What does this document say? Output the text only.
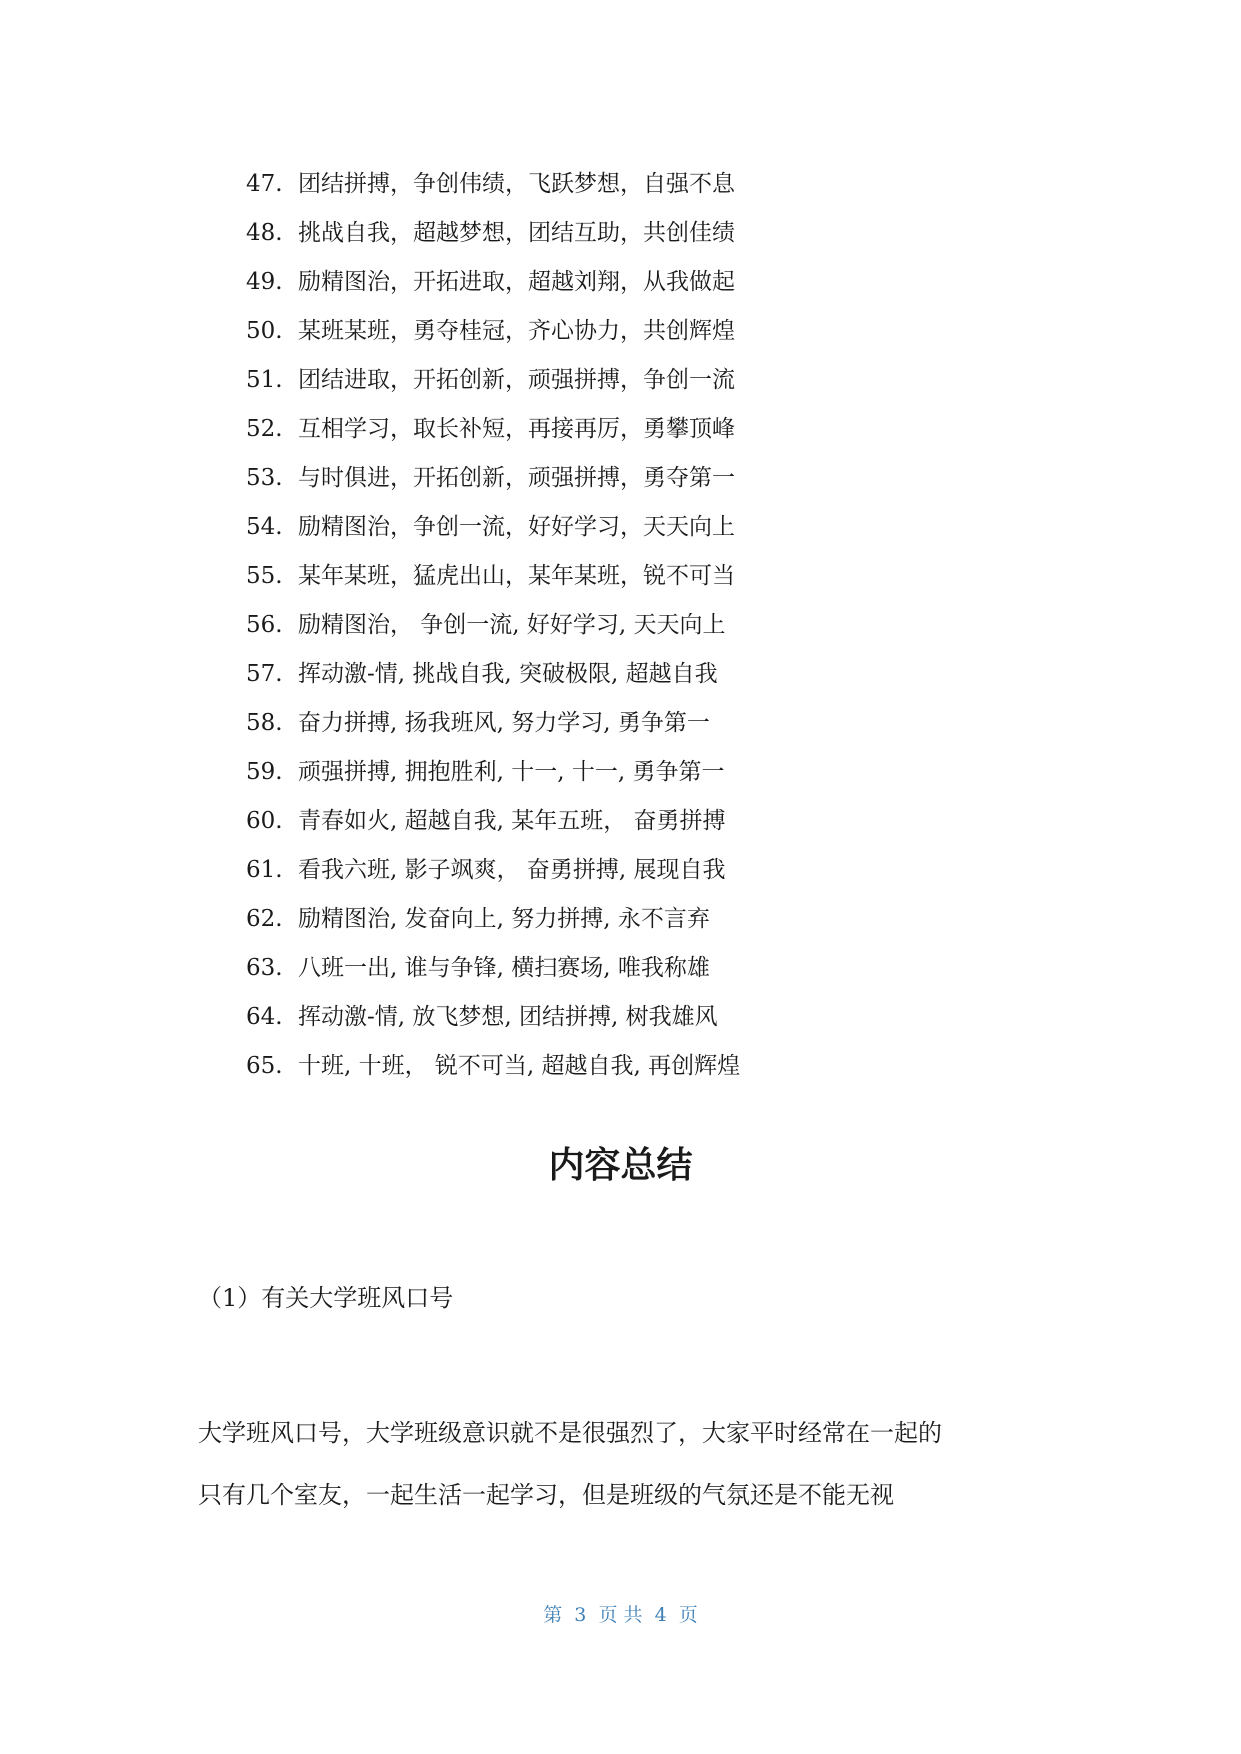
47. 团结拼搏，争创伟绩，飞跃梦想，自强不息
48. 挑战自我，超越梦想，团结互助，共创佳绩
49. 励精图治，开拓进取，超越刘翔，从我做起
50. 某班某班，勇夺桂冠，齐心协力，共创辉煌
51. 团结进取，开拓创新，顽强拼搏，争创一流
52. 互相学习，取长补短，再接再厉，勇攀顶峰
53. 与时俱进，开拓创新，顽强拼搏，勇夺第一
54. 励精图治，争创一流，好好学习，天天向上
55. 某年某班，猛虎出山，某年某班，锐不可当
56. 励精图治， 争创一流, 好好学习, 天天向上
57. 挥动激-情, 挑战自我, 突破极限, 超越自我
58. 奋力拼搏, 扬我班风, 努力学习, 勇争第一
59. 顽强拼搏, 拥抱胜利, 十一, 十一, 勇争第一
60. 青春如火, 超越自我, 某年五班， 奋勇拼搏
61. 看我六班, 影子飒爽， 奋勇拼搏, 展现自我
62. 励精图治, 发奋向上, 努力拼搏, 永不言弃
63. 八班一出, 谁与争锋, 横扫赛场, 唯我称雄
64. 挥动激-情, 放飞梦想, 团结拼搏, 树我雄风
65. 十班, 十班， 锐不可当, 超越自我, 再创辉煌
内容总结

（1）有关大学班风口号

大学班风口号，大学班级意识就不是很强烈了，大家平时经常在一起的
只有几个室友，一起生活一起学习，但是班级的气氛还是不能无视

第  3  页 共  4  页
